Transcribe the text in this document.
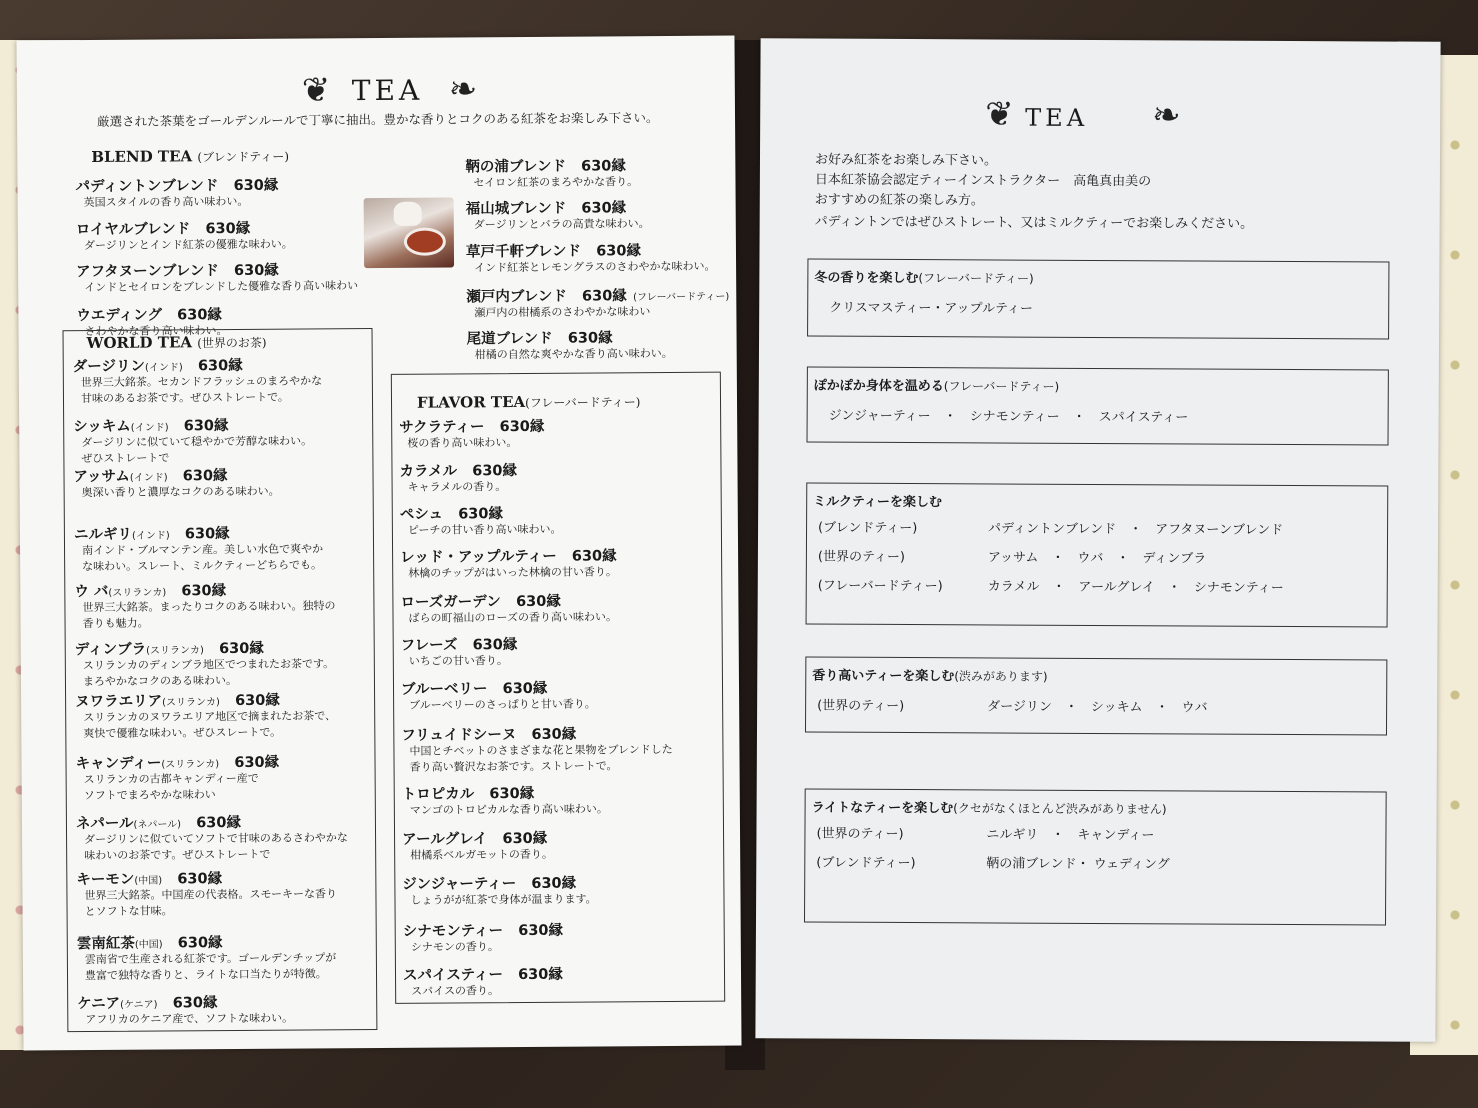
❦ TEA ❧
厳選された茶葉をゴールデンルールで丁寧に抽出。豊かな香りとコクのある紅茶をお楽しみ下さい。
BLEND TEA (ブレンドティー)
パディントンブレンド   630縁
英国スタイルの香り高い味わい。
ロイヤルブレンド   630縁
ダージリンとインド紅茶の優雅な味わい。
アフタヌーンブレンド   630縁
インドとセイロンをブレンドした優雅な香り高い味わい
ウエディング   630縁
さわやかな香り高い味わい。
鞆の浦ブレンド   630縁
セイロン紅茶のまろやかな香り。
福山城ブレンド   630縁
ダージリンとバラの高貴な味わい。
草戸千軒ブレンド   630縁
インド紅茶とレモングラスのさわやかな味わい。
瀬戸内ブレンド   630縁  (フレーバードティー)
瀬戸内の柑橘系のさわやかな味わい
尾道ブレンド   630縁
柑橘の自然な爽やかな香り高い味わい。
WORLD TEA (世界のお茶)
ダージリン(インド)   630縁
世界三大銘茶。セカンドフラッシュのまろやかな
甘味のあるお茶です。ぜひストレートで。
シッキム(インド)   630縁
ダージリンに似ていて穏やかで芳醇な味わい。
ぜひストレートで
アッサム(インド)   630縁
奥深い香りと濃厚なコクのある味わい。
ニルギリ(インド)   630縁
南インド・ブルマンテン産。美しい水色で爽やか
な味わい。スレート、ミルクティーどちらでも。
ウ バ(スリランカ)   630縁
世界三大銘茶。まったりコクのある味わい。独特の
香りも魅力。
ディンブラ(スリランカ)   630縁
スリランカのディンブラ地区でつまれたお茶です。
まろやかなコクのある味わい。
ヌワラエリア(スリランカ)   630縁
スリランカのヌワラエリア地区で摘まれたお茶で、
爽快で優雅な味わい。ぜひスレートで。
キャンディー(スリランカ)   630縁
スリランカの古都キャンディー産で
ソフトでまろやかな味わい
ネパール(ネパール)   630縁
ダージリンに似ていてソフトで甘味のあるさわやかな
味わいのお茶です。ぜひストレートで
キーモン(中国)   630縁
世界三大銘茶。中国産の代表格。スモーキーな香り
とソフトな甘味。
雲南紅茶(中国)   630縁
雲南省で生産される紅茶です。ゴールデンチップが
豊富で独特な香りと、ライトな口当たりが特徴。
ケニア(ケニア)   630縁
アフリカのケニア産で、ソフトな味わい。
FLAVOR TEA(フレーバードティー)
サクラティー   630縁
桜の香り高い味わい。
カラメル   630縁
キャラメルの香り。
ペシュ   630縁
ピーチの甘い香り高い味わい。
レッド・アップルティー   630縁
林檎のチップがはいった林檎の甘い香り。
ローズガーデン   630縁
ばらの町福山のローズの香り高い味わい。
フレーズ   630縁
いちごの甘い香り。
ブルーベリー   630縁
ブルーベリーのさっぱりと甘い香り。
フリュイドシーヌ   630縁
中国とチベットのさまざまな花と果物をブレンドした
香り高い贅沢なお茶です。ストレートで。
トロピカル   630縁
マンゴのトロピカルな香り高い味わい。
アールグレイ   630縁
柑橘系ベルガモットの香り。
ジンジャーティー   630縁
しょうがが紅茶で身体が温まります。
シナモンティー   630縁
シナモンの香り。
スパイスティー   630縁
スパイスの香り。
❦ TEA ❧
お好み紅茶をお楽しみ下さい。
日本紅茶協会認定ティーインストラクター　高亀真由美の
おすすめの紅茶の楽しみ方。
パディントンではぜひストレート、又はミルクティーでお楽しみください。
冬の香りを楽しむ(フレーバードティー)
クリスマスティー・アップルティー
ぽかぽか身体を温める(フレーバードティー)
ジンジャーティー　・　シナモンティー　・　スパイスティー
ミルクティーを楽しむ
(ブレンドティー)	パディントンブレンド　・　アフタヌーンブレンド
(世界のティー)	アッサム　・　ウバ　・　ディンブラ
(フレーバードティー)	カラメル　・　アールグレイ　・　シナモンティー
香り高いティーを楽しむ(渋みがあります)
(世界のティー)	ダージリン　・　シッキム　・　ウバ
ライトなティーを楽しむ(クセがなくほとんど渋みがありません)
(世界のティー)	ニルギリ　・　キャンディー
(ブレンドティー)	鞆の浦ブレンド・ ウェディング
